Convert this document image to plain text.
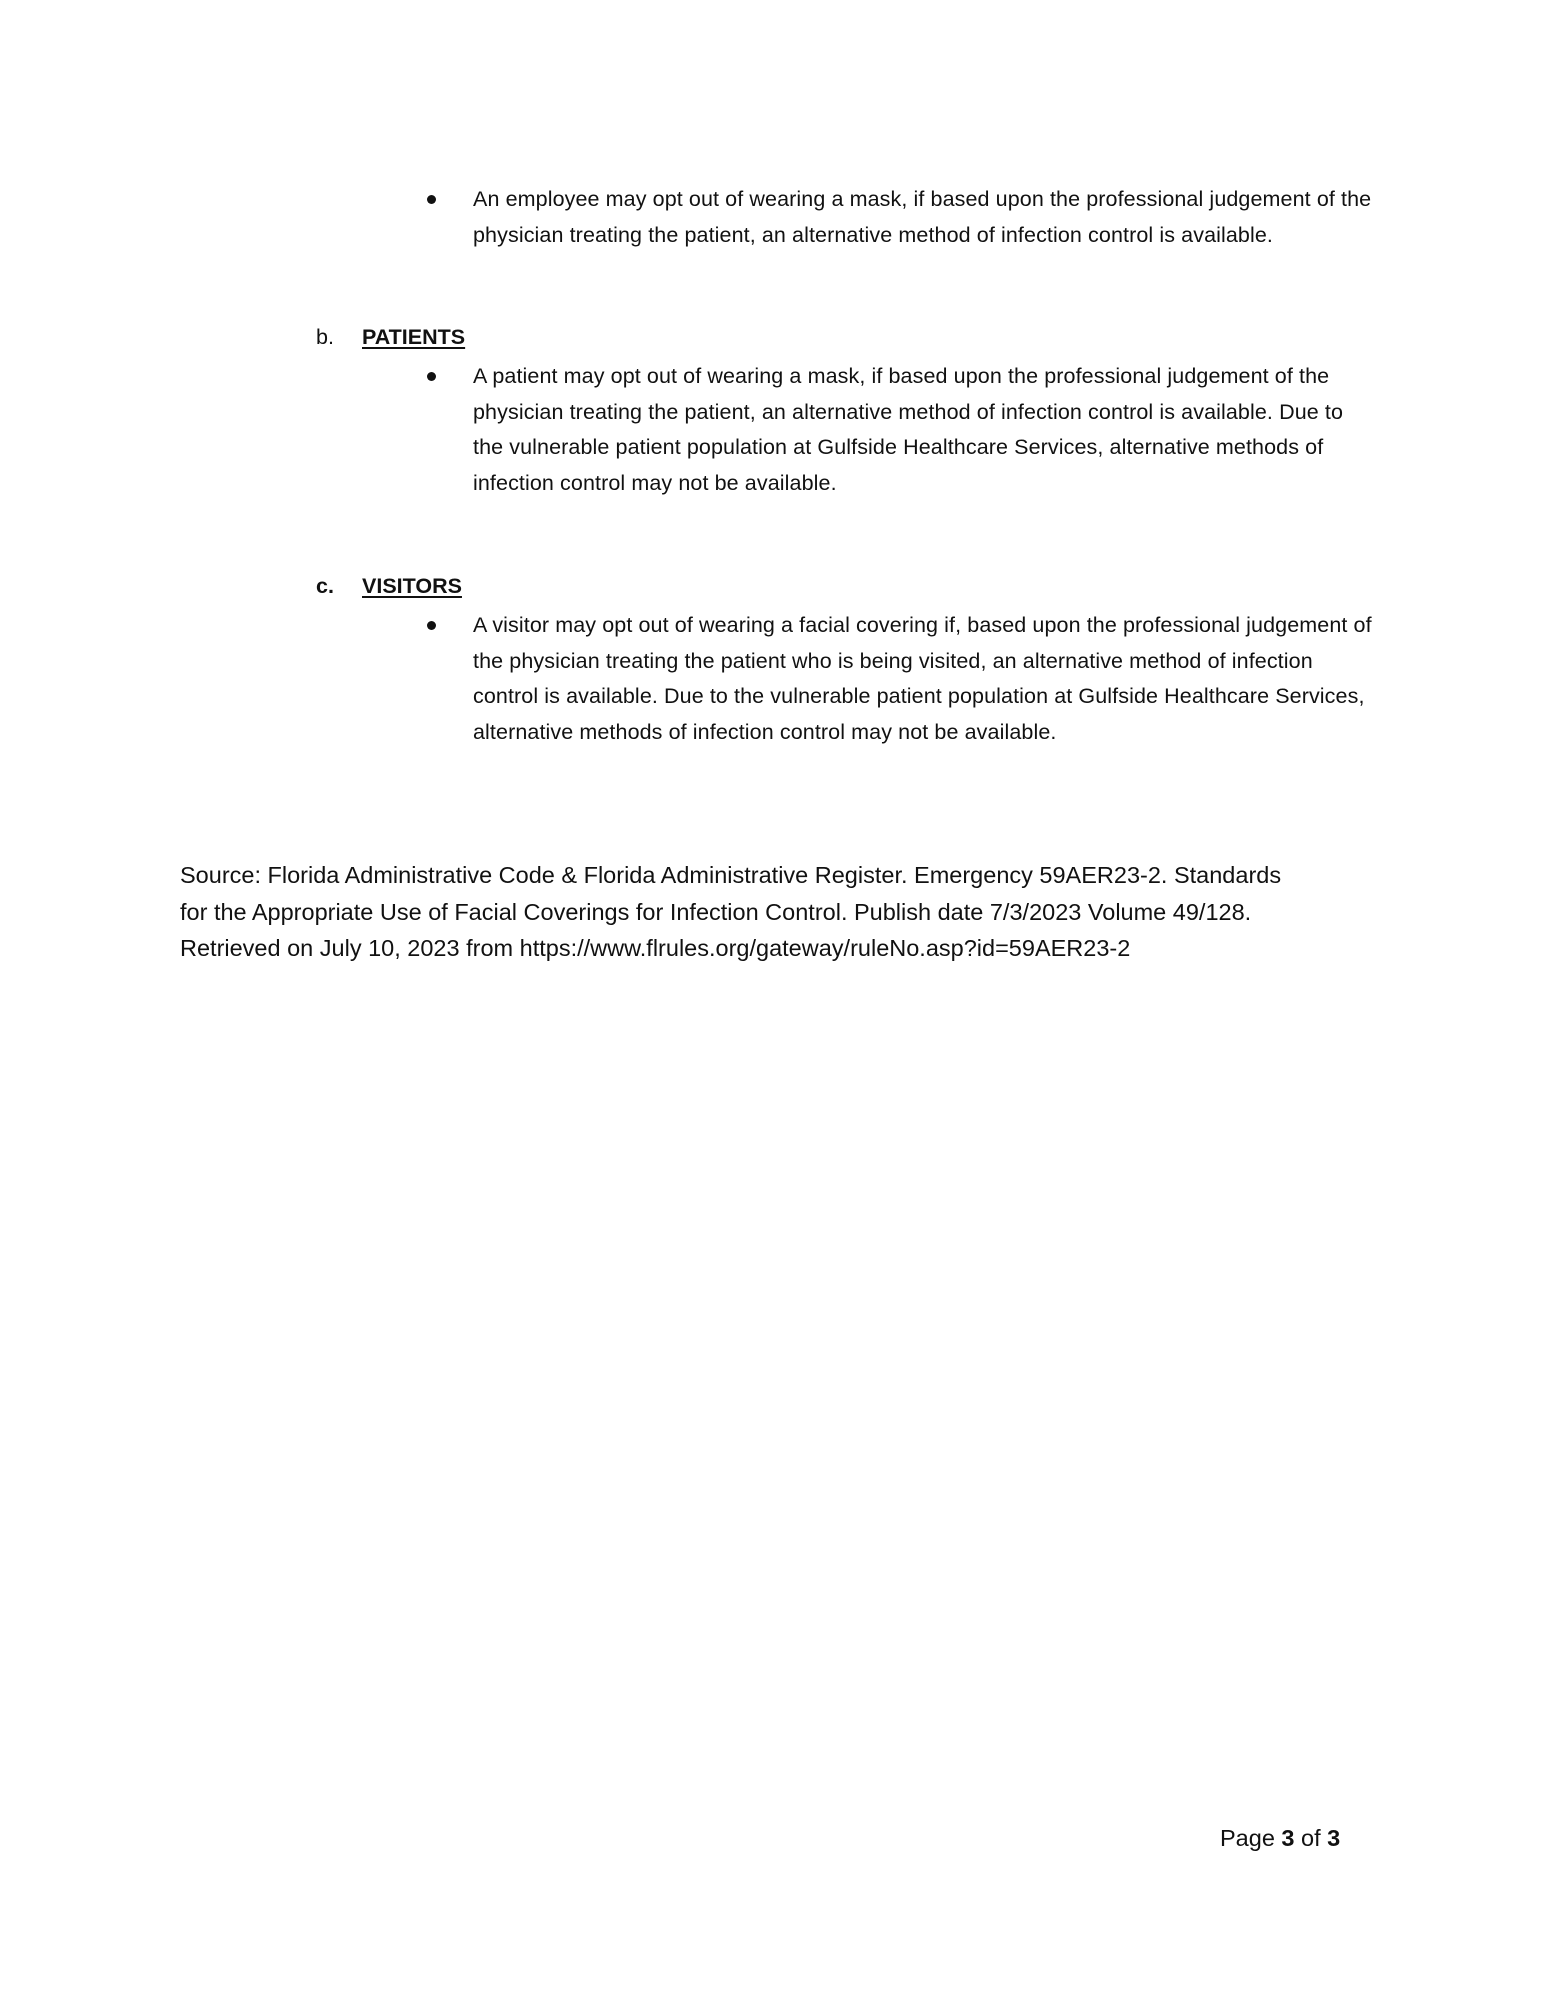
An employee may opt out of wearing a mask, if based upon the professional judgement of the physician treating the patient, an alternative method of infection control is available.
b. PATIENTS
A patient may opt out of wearing a mask, if based upon the professional judgement of the physician treating the patient, an alternative method of infection control is available. Due to the vulnerable patient population at Gulfside Healthcare Services, alternative methods of infection control may not be available.
c. VISITORS
A visitor may opt out of wearing a facial covering if, based upon the professional judgement of the physician treating the patient who is being visited, an alternative method of infection control is available. Due to the vulnerable patient population at Gulfside Healthcare Services, alternative methods of infection control may not be available.
Source: Florida Administrative Code & Florida Administrative Register. Emergency 59AER23-2. Standards
for the Appropriate Use of Facial Coverings for Infection Control. Publish date 7/3/2023 Volume 49/128.
Retrieved on July 10, 2023 from https://www.flrules.org/gateway/ruleNo.asp?id=59AER23-2
Page 3 of 3
